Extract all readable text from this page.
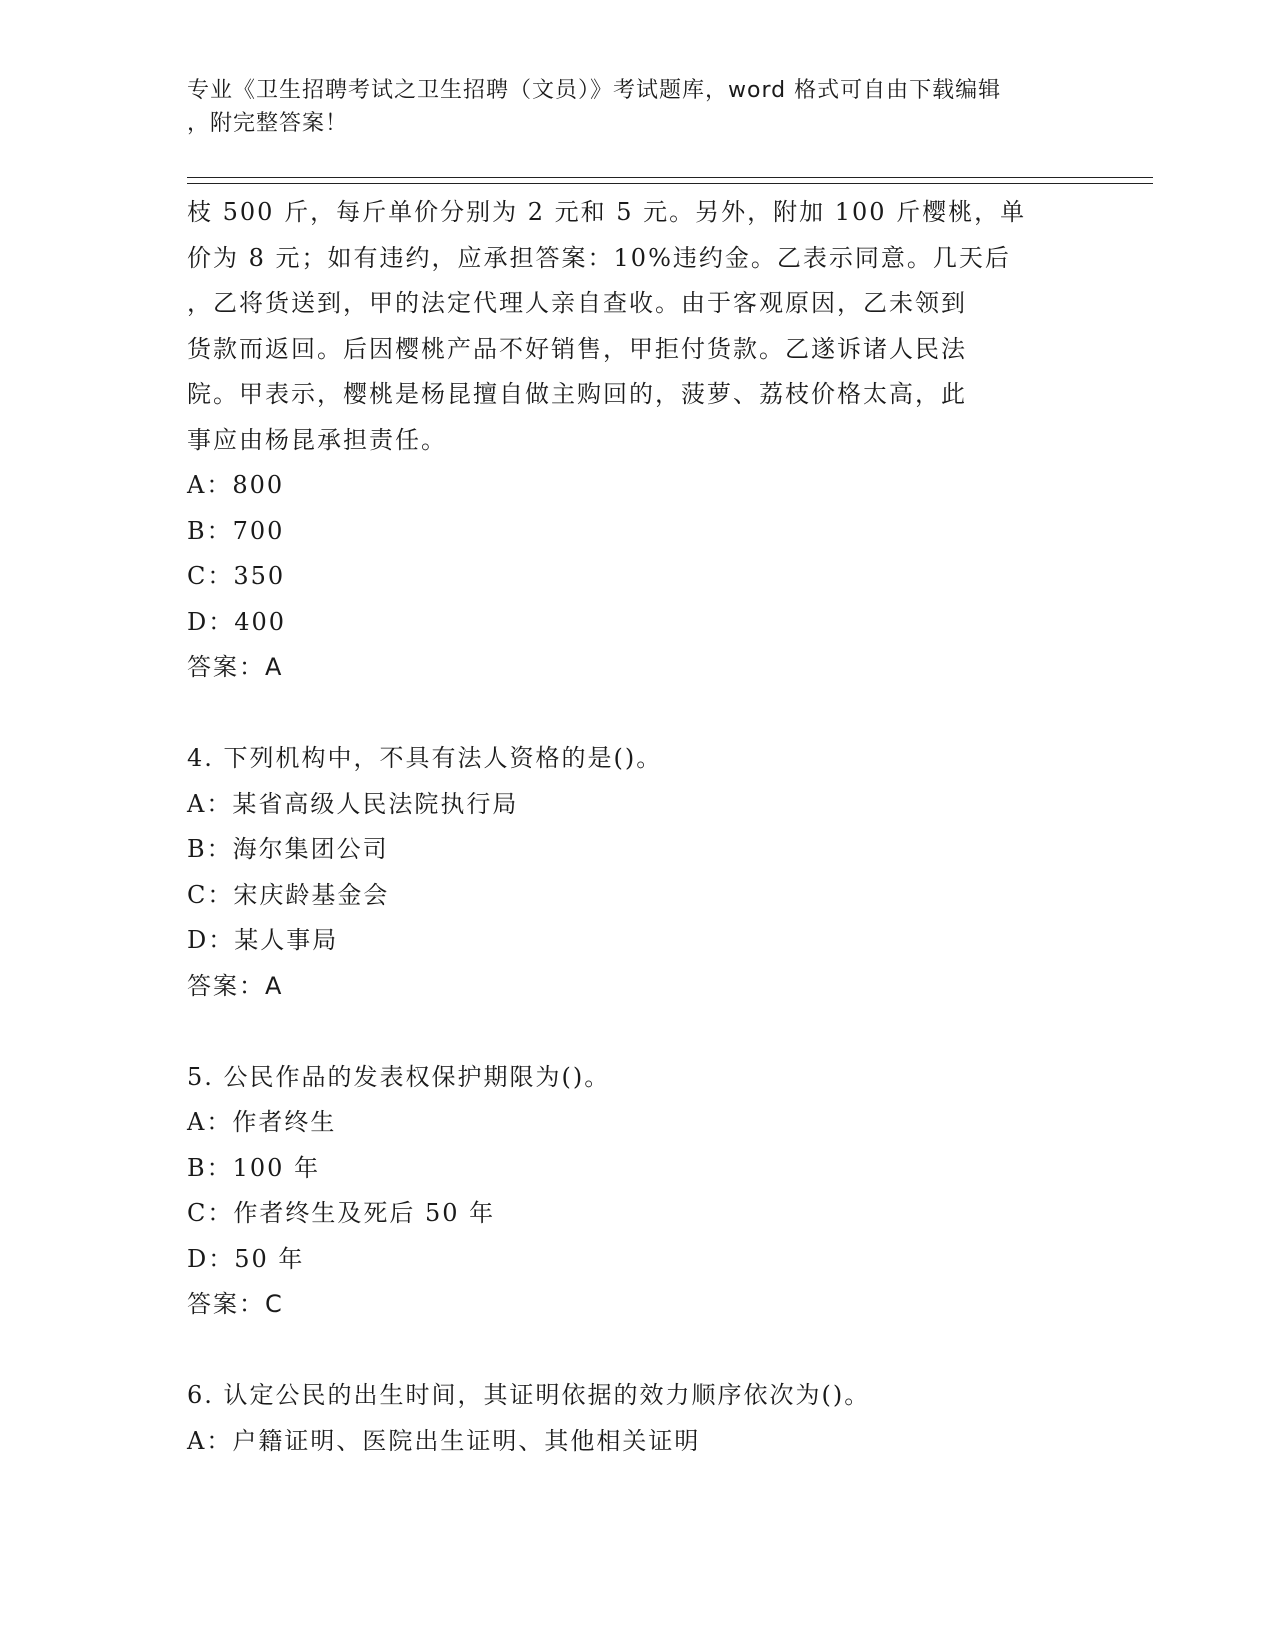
专业《卫生招聘考试之卫生招聘（文员）》考试题库，word 格式可自由下载编辑
，附完整答案！
枝 500 斤，每斤单价分别为 2 元和 5 元。另外，附加 100 斤樱桃，单
价为 8 元；如有违约，应承担答案：10%违约金。乙表示同意。几天后
，乙将货送到，甲的法定代理人亲自查收。由于客观原因，乙未领到
货款而返回。后因樱桃产品不好销售，甲拒付货款。乙遂诉诸人民法
院。甲表示，樱桃是杨昆擅自做主购回的，菠萝、荔枝价格太高，此
事应由杨昆承担责任。
A：800
B：700
C：350
D：400
答案：A
4. 下列机构中，不具有法人资格的是()。
A：某省高级人民法院执行局
B：海尔集团公司
C：宋庆龄基金会
D：某人事局
答案：A
5. 公民作品的发表权保护期限为()。
A：作者终生
B：100 年
C：作者终生及死后 50 年
D：50 年
答案：C
6. 认定公民的出生时间，其证明依据的效力顺序依次为()。
A：户籍证明、医院出生证明、其他相关证明
